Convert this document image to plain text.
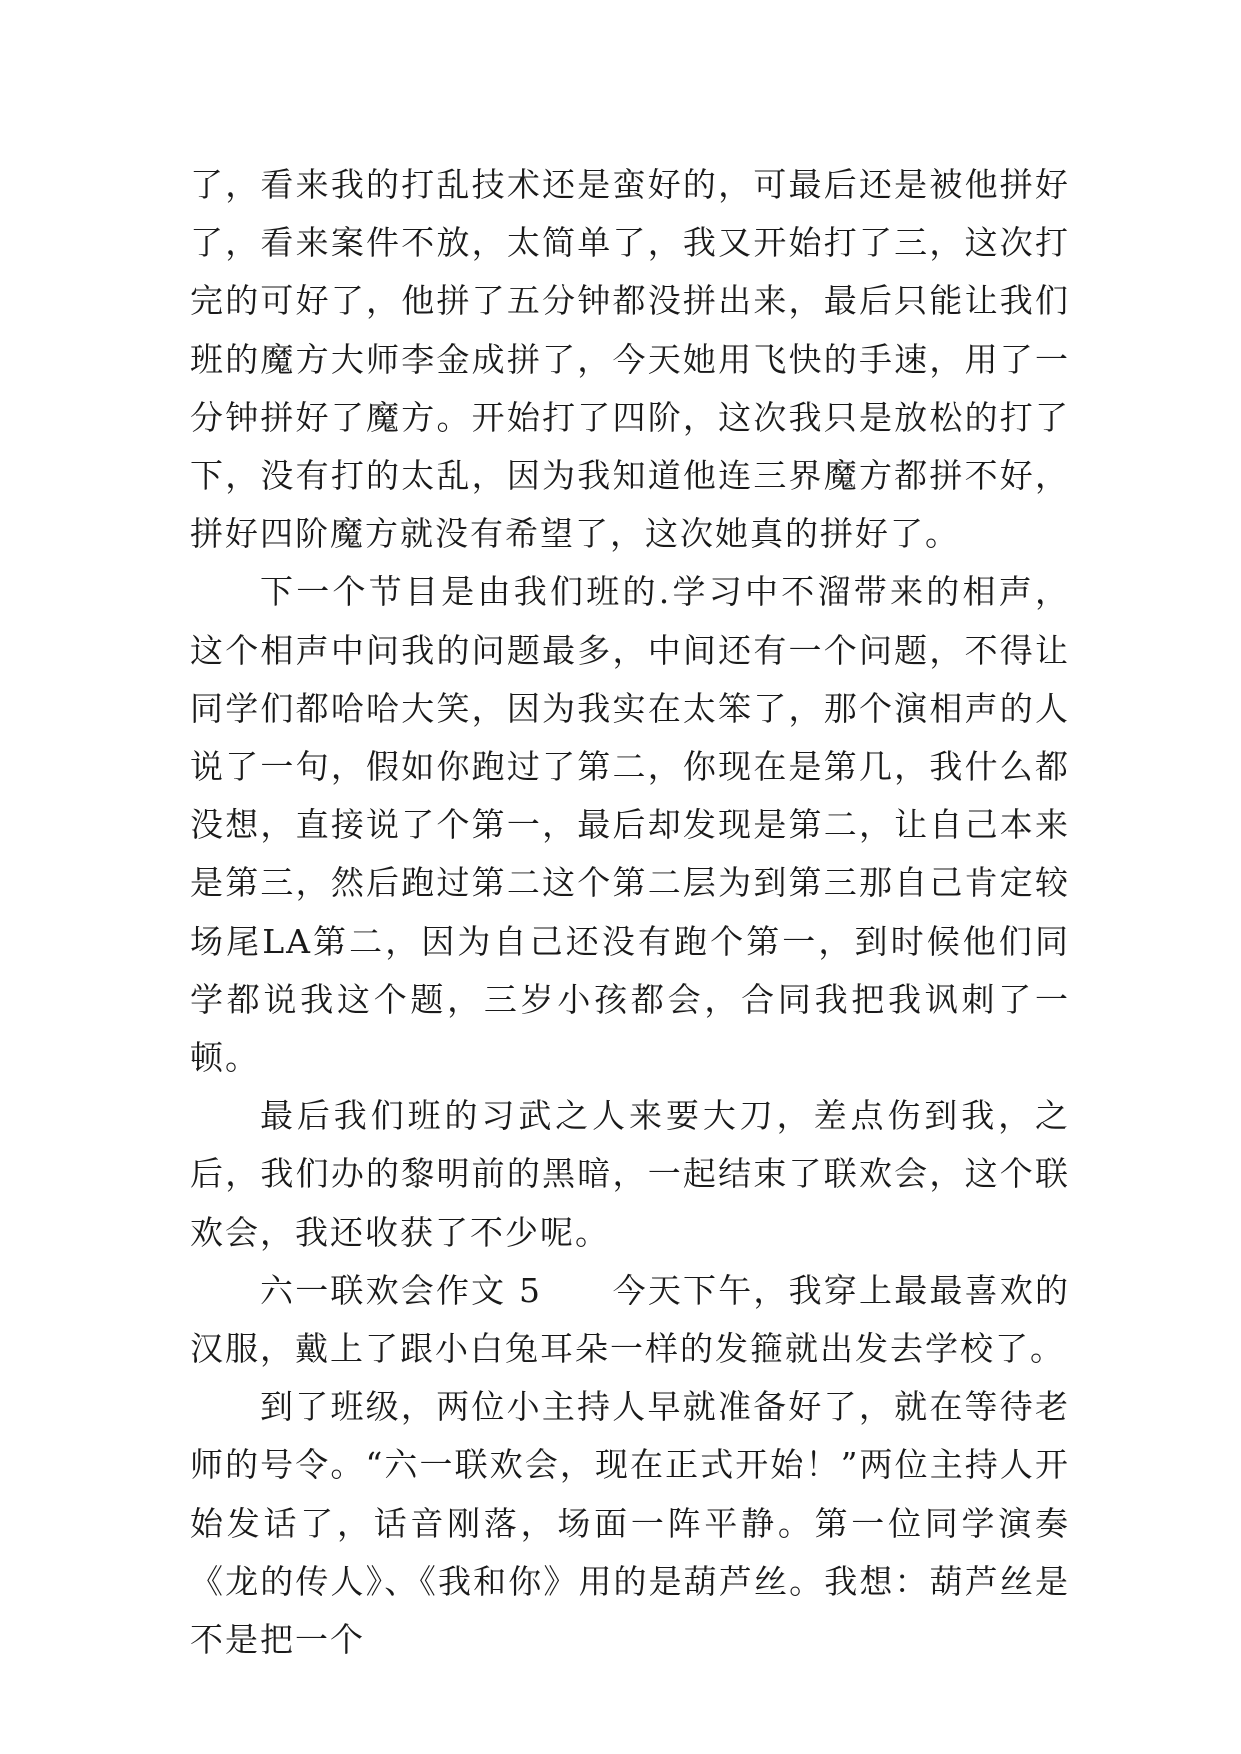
了，看来我的打乱技术还是蛮好的，可最后还是被他拼好了，看来案件不放，太简单了，我又开始打了三，这次打完的可好了，他拼了五分钟都没拼出来，最后只能让我们班的魔方大师李金成拼了，今天她用飞快的手速，用了一分钟拼好了魔方。开始打了四阶，这次我只是放松的打了下，没有打的太乱，因为我知道他连三界魔方都拼不好，拼好四阶魔方就没有希望了，这次她真的拼好了。

下一个节目是由我们班的.学习中不溜带来的相声，这个相声中问我的问题最多，中间还有一个问题，不得让同学们都哈哈大笑，因为我实在太笨了，那个演相声的人说了一句，假如你跑过了第二，你现在是第几，我什么都没想，直接说了个第一，最后却发现是第二，让自己本来是第三，然后跑过第二这个第二层为到第三那自己肯定较场尾LA第二，因为自己还没有跑个第一，到时候他们同学都说我这个题，三岁小孩都会，合同我把我讽刺了一顿。

最后我们班的习武之人来要大刀，差点伤到我，之后，我们办的黎明前的黑暗，一起结束了联欢会，这个联欢会，我还收获了不少呢。

六一联欢会作文 5　　今天下午，我穿上最最喜欢的汉服，戴上了跟小白兔耳朵一样的发箍就出发去学校了。

到了班级，两位小主持人早就准备好了，就在等待老师的号令。“六一联欢会，现在正式开始！”两位主持人开始发话了，话音刚落，场面一阵平静。第一位同学演奏《龙的传人》、《我和你》用的是葫芦丝。我想：葫芦丝是不是把一个
